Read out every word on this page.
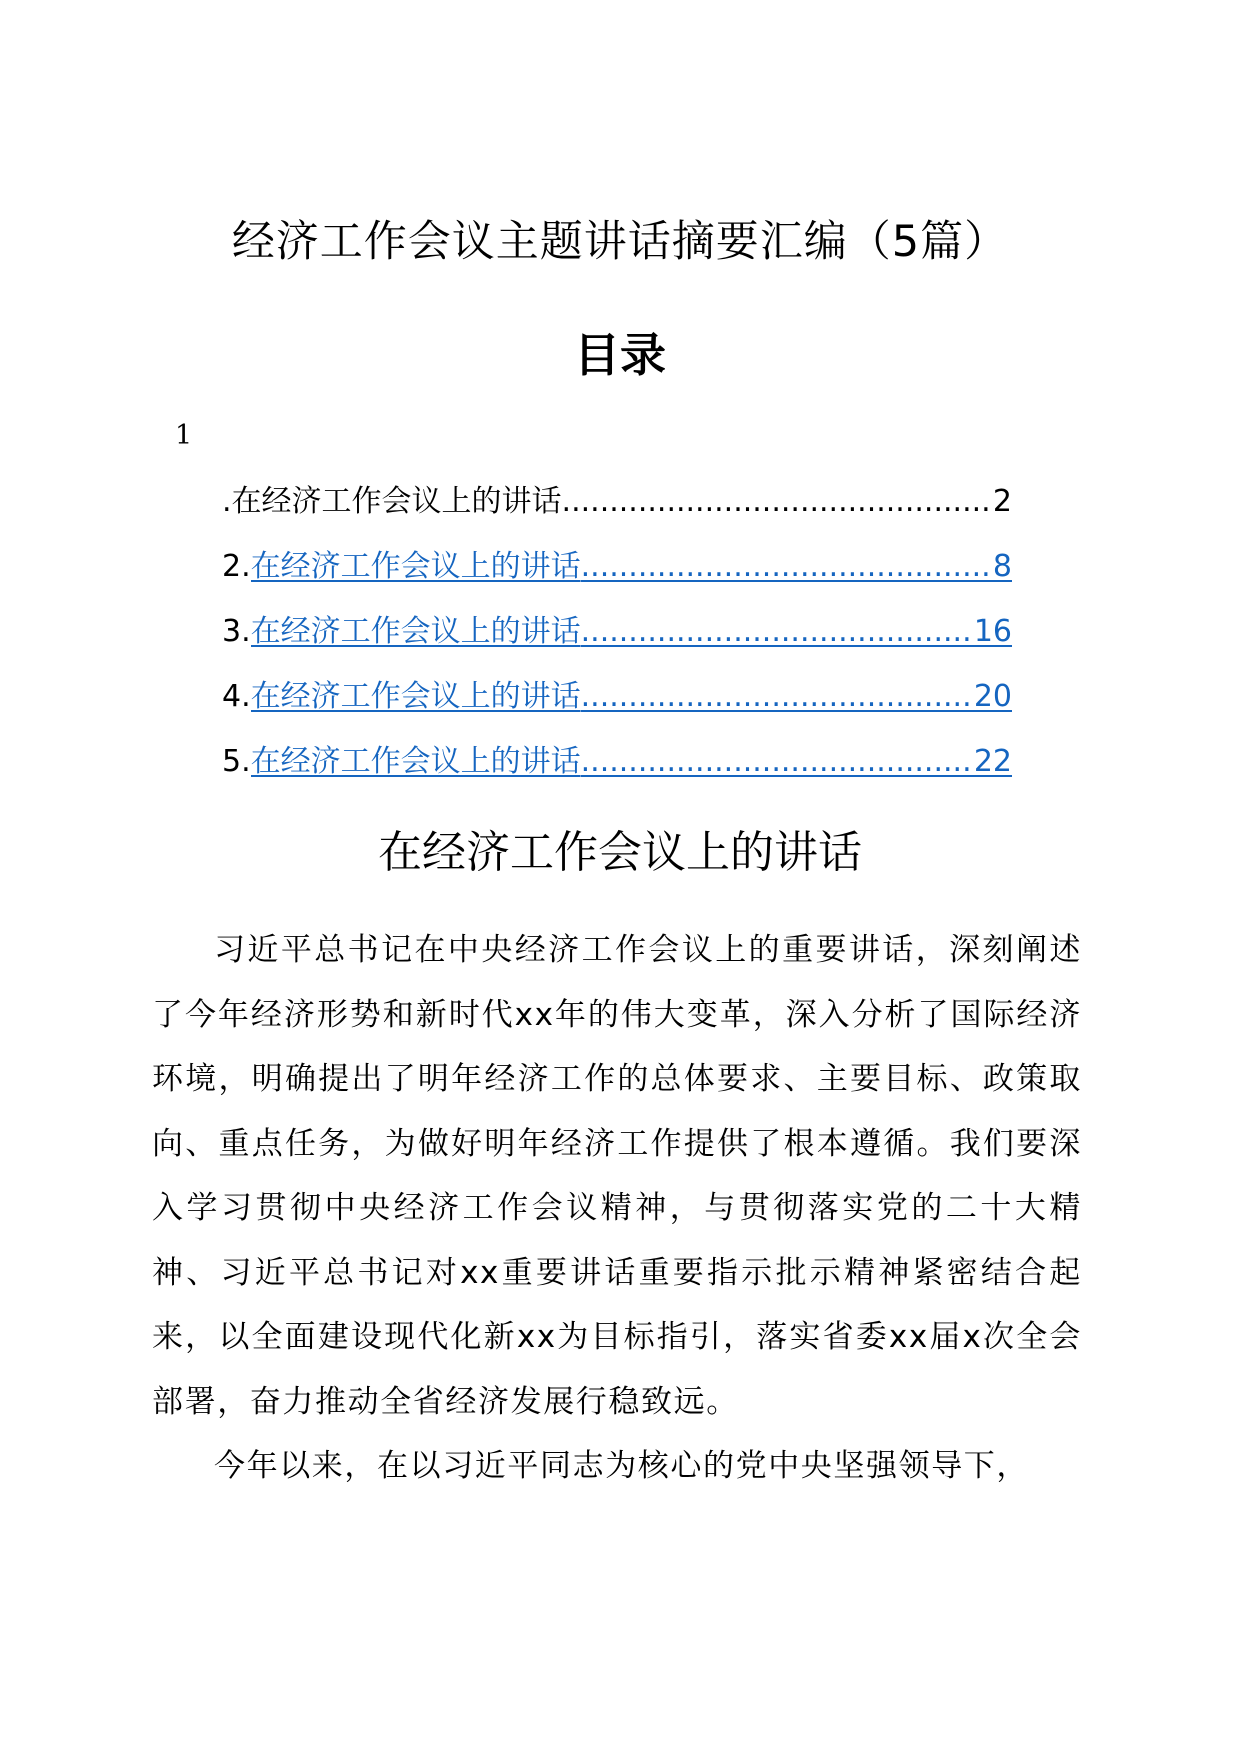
经济工作会议主题讲话摘要汇编（5篇）
目录
1
.在经济工作会议上的讲话 .....	2
2. 在经济工作会议上的讲话 .....	8
3. 在经济工作会议上的讲话 .....	16
4. 在经济工作会议上的讲话 .....	20
5. 在经济工作会议上的讲话 .....	22
在经济工作会议上的讲话

习近平总书记在中央经济工作会议上的重要讲话，深刻阐述了今年经济形势和新时代xx年的伟大变革，深入分析了国际经济环境，明确提出了明年经济工作的总体要求、主要目标、政策取向、重点任务，为做好明年经济工作提供了根本遵循。我们要深入学习贯彻中央经济工作会议精神，与贯彻落实党的二十大精神、习近平总书记对xx重要讲话重要指示批示精神紧密结合起来，以全面建设现代化新xx为目标指引，落实省委xx届x次全会部署，奋力推动全省经济发展行稳致远。

今年以来，在以习近平同志为核心的党中央坚强领导下，
